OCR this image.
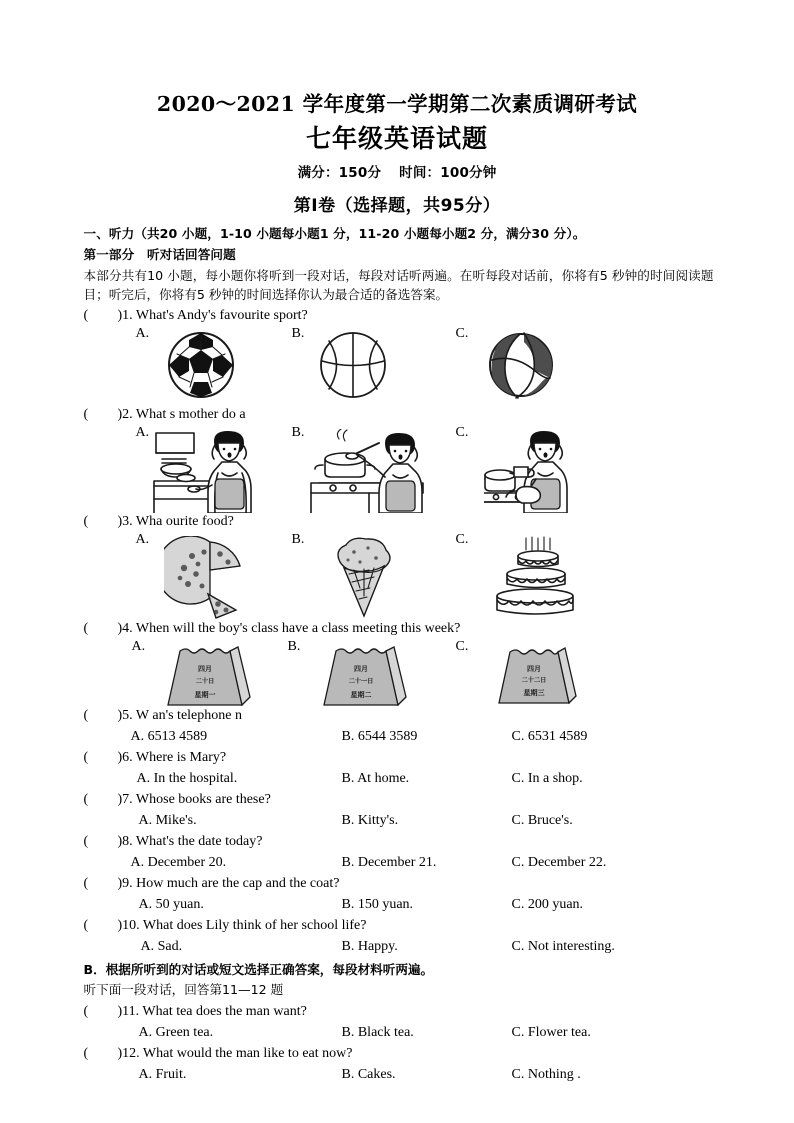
2020～2021 学年度第一学期第二次素质调研考试
七年级英语试题
满分：150分 时间：100分钟
第Ⅰ卷（选择题，共95分）
一、听力（共20 小题，1-10 小题每小题1 分，11-20 小题每小题2 分，满分30 分）。
第一部分　听对话回答问题
本部分共有10 小题，每小题你将听到一段对话，每段对话听两遍。在听每段对话前，你将有5 秒钟的时间阅读题目；听完后，你将有5 秒钟的时间选择你认为最合适的备选答案。
( )1. What's Andy's favourite sport?
A.	B.	C.
( )2. What s mother do a
A.	B.	C.
( )3. Wha ourite food?
A.	B.	C.
( )4. When will the boy's class have a class meeting this week?
A.
四月
二十日
星期一
B.
四月
二十一日
星期二
C.
四月
二十二日
星期三
( )5. W an's telephone n
A. 6513 4589	B. 6544 3589	C. 6531 4589
( )6. Where is Mary?
A. In the hospital.	B. At home.	C. In a shop.
( )7. Whose books are these?
A. Mike's.	B. Kitty's.	C. Bruce's.
( )8. What's the date today?
A. December 20.	B. December 21.	C. December 22.
( )9. How much are the cap and the coat?
A. 50 yuan.	B. 150 yuan.	C. 200 yuan.
( )10. What does Lily think of her school life?
A. Sad.	B. Happy.	C. Not interesting.
B．根据所听到的对话或短文选择正确答案，每段材料听两遍。
听下面一段对话，回答第11—12 题
( )11. What tea does the man want?
A. Green tea.	B. Black tea.	C. Flower tea.
( )12. What would the man like to eat now?
A. Fruit.	B. Cakes.	C. Nothing .
